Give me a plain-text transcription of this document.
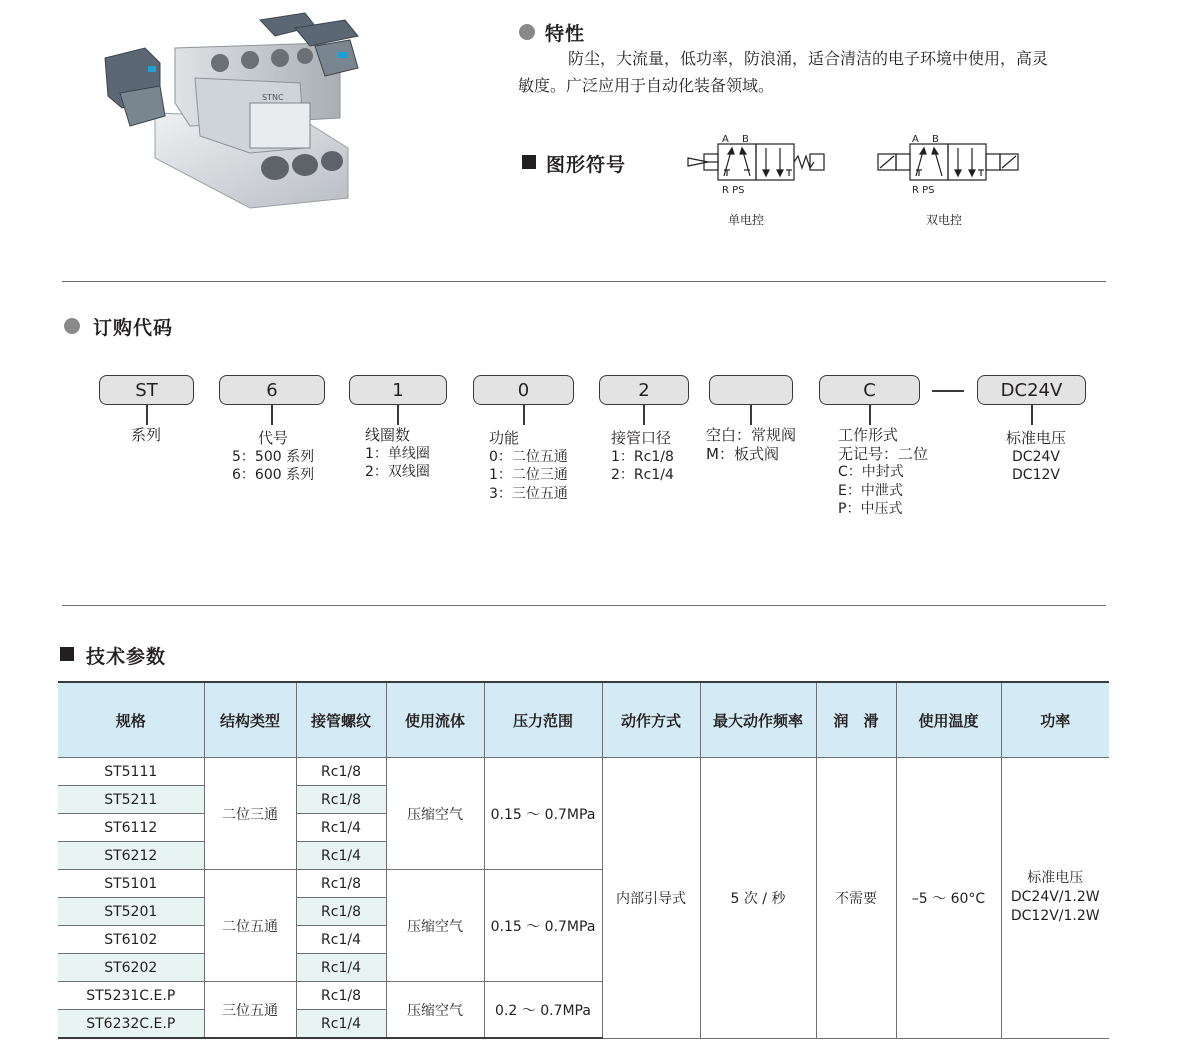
STNC
特性
防尘，大流量，低功率，防浪涌，适合清洁的电子环境中使用，高灵
敏度。广泛应用于自动化装备领域。
图形符号
A B
R PS
单电控
A B
R PS
双电控
订购代码
ST	6	1	0	2	C	DC24V
系列	代号
5：500 系列
6：600 系列
线圈数
1：单线圈
2：双线圈
功能
0：二位五通
1：二位三通
3：三位五通
接管口径
1：Rc1/8
2：Rc1/4
空白：常规阀
M：板式阀
工作形式
无记号：二位
C：中封式
E：中泄式
P：中压式
标准电压
DC24V
DC12V
技术参数
规格	结构类型	接管螺纹	使用流体	压力范围	动作方式	最大动作频率	润　滑	使用温度	功率
ST5111	二位三通	Rc1/8	压缩空气	0.15 ～ 0.7MPa	内部引导式	5 次 / 秒	不需要	–5 ～ 60°C	标准电压
DC24V/1.2W
DC12V/1.2W

ST5211		Rc1/8							
ST6112		Rc1/4							
ST6212		Rc1/4							
ST5101	二位五通	Rc1/8	压缩空气	0.15 ～ 0.7MPa					
ST5201		Rc1/8							
ST6102		Rc1/4							
ST6202		Rc1/4							
ST5231C.E.P	三位五通	Rc1/8	压缩空气	0.2 ～ 0.7MPa					
ST6232C.E.P		Rc1/4							
